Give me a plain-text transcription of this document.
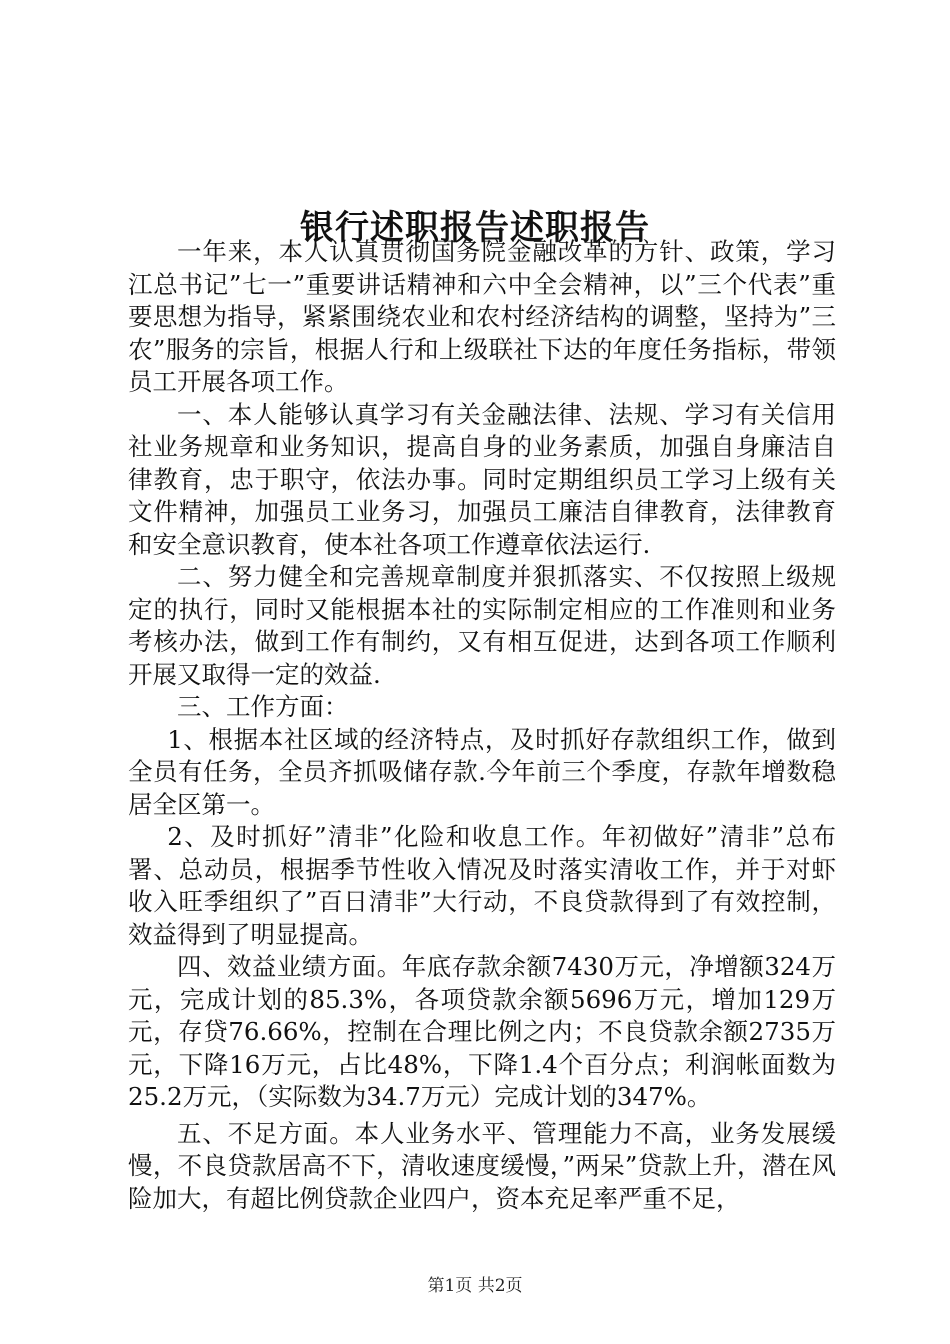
银行述职报告述职报告

一年来，本人认真贯彻国务院金融改革的方针、政策，学习江总书记”七一”重要讲话精神和六中全会精神，以”三个代表”重要思想为指导，紧紧围绕农业和农村经济结构的调整，坚持为”三农”服务的宗旨，根据人行和上级联社下达的年度任务指标，带领员工开展各项工作。

一、本人能够认真学习有关金融法律、法规、学习有关信用社业务规章和业务知识，提高自身的业务素质，加强自身廉洁自律教育，忠于职守，依法办事。同时定期组织员工学习上级有关文件精神，加强员工业务习，加强员工廉洁自律教育，法律教育和安全意识教育，使本社各项工作遵章依法运行.

二、努力健全和完善规章制度并狠抓落实、不仅按照上级规定的执行，同时又能根据本社的实际制定相应的工作准则和业务考核办法，做到工作有制约，又有相互促进，达到各项工作顺利开展又取得一定的效益.

三、工作方面：

1、根据本社区域的经济特点，及时抓好存款组织工作，做到全员有任务，全员齐抓吸储存款.今年前三个季度，存款年增数稳居全区第一。

2、及时抓好”清非”化险和收息工作。年初做好”清非”总布署、总动员，根据季节性收入情况及时落实清收工作，并于对虾收入旺季组织了”百日清非”大行动，不良贷款得到了有效控制，效益得到了明显提高。

四、效益业绩方面。年底存款余额7430万元，净增额324万元，完成计划的85.3%，各项贷款余额5696万元，增加129万元，存贷76.66%，控制在合理比例之内；不良贷款余额2735万元，下降16万元，占比48%，下降1.4个百分点；利润帐面数为25.2万元，（实际数为34.7万元）完成计划的347%。

五、不足方面。本人业务水平、管理能力不高，业务发展缓慢，不良贷款居高不下，清收速度缓慢，”两呆”贷款上升，潜在风险加大，有超比例贷款企业四户，资本充足率严重不足，

第1页 共2页
